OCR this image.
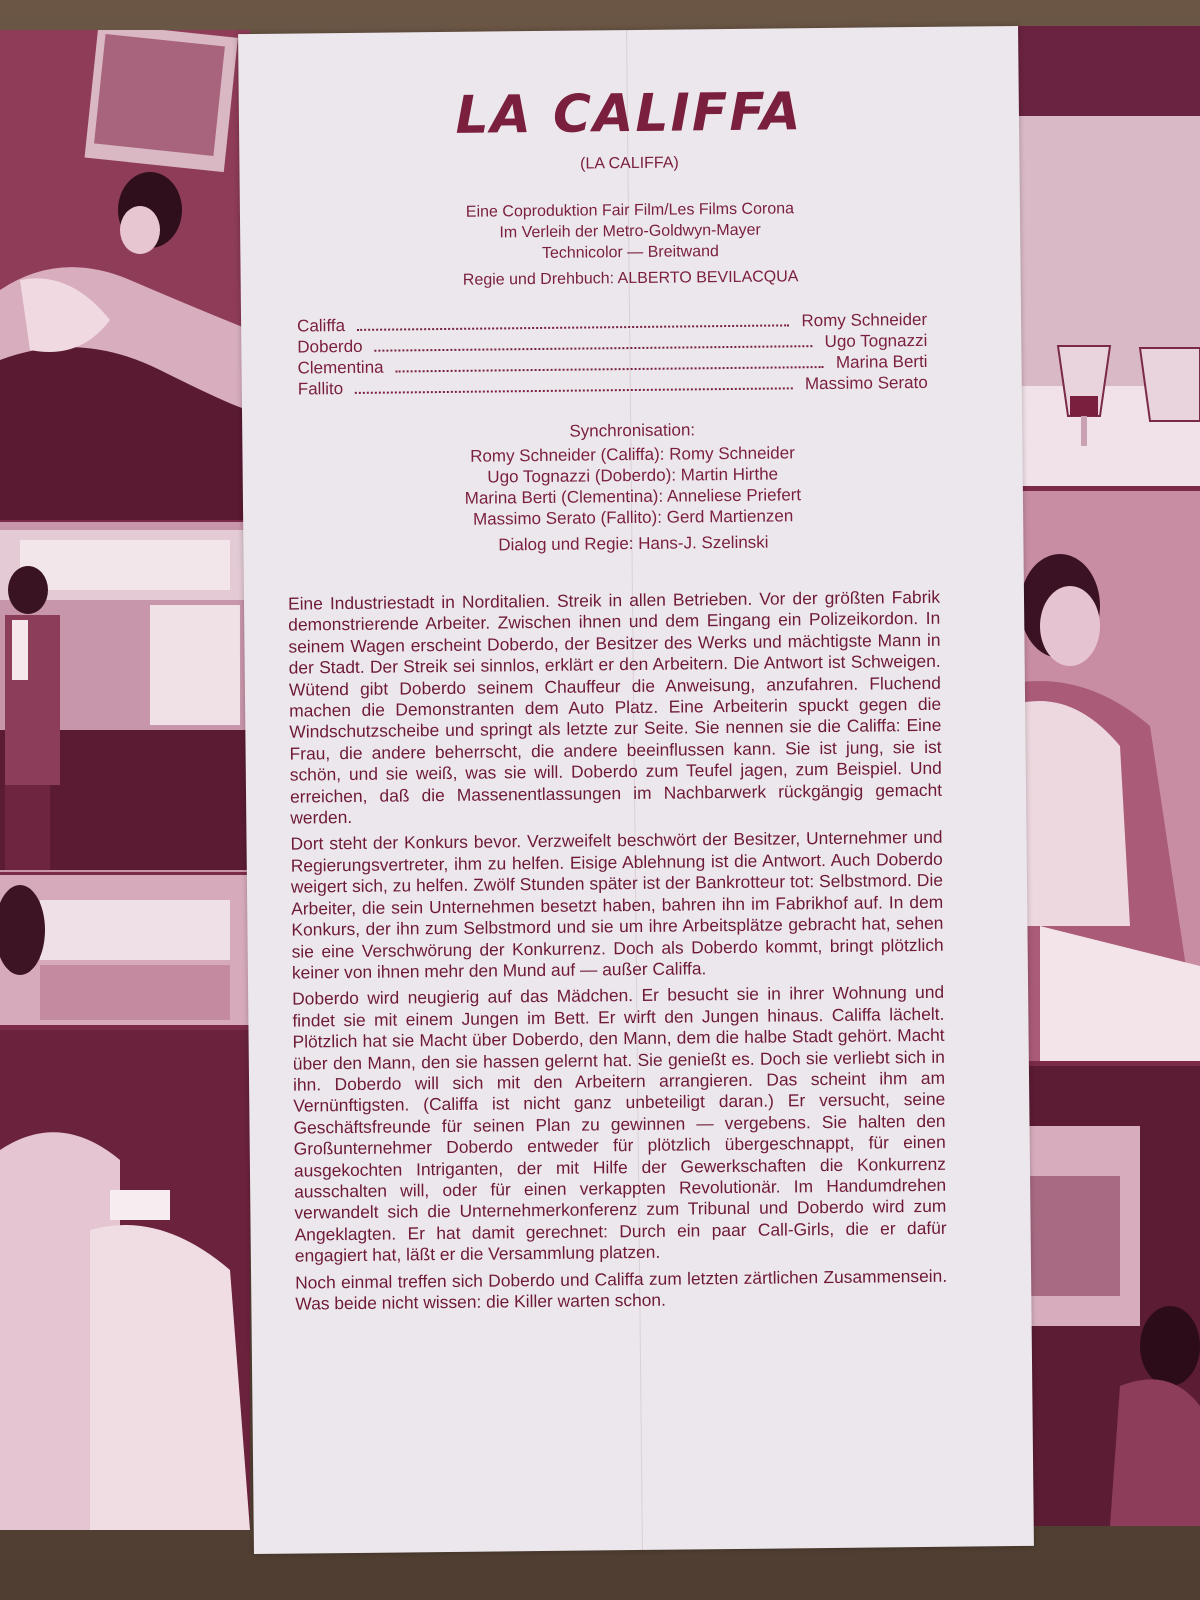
LA CALIFFA
(LA CALIFFA)
Eine Coproduktion Fair Film/Les Films Corona
Im Verleih der Metro-Goldwyn-Mayer
Technicolor — Breitwand
Regie und Drehbuch: ALBERTO BEVILACQUA
Califfa	Romy Schneider
Doberdo	Ugo Tognazzi
Clementina	Marina Berti
Fallito	Massimo Serato
Synchronisation:
Romy Schneider (Califfa): Romy Schneider
Ugo Tognazzi (Doberdo): Martin Hirthe
Marina Berti (Clementina): Anneliese Priefert
Massimo Serato (Fallito): Gerd Martienzen
Dialog und Regie: Hans-J. Szelinski

Eine Industriestadt in Norditalien. Streik in allen Betrieben. Vor der größten Fabrik demonstrierende Arbeiter. Zwischen ihnen und dem Eingang ein Polizeikordon. In seinem Wagen erscheint Doberdo, der Besitzer des Werks und mächtigste Mann in der Stadt. Der Streik sei sinnlos, erklärt er den Arbeitern. Die Antwort ist Schweigen. Wütend gibt Doberdo seinem Chauffeur die Anweisung, anzufahren. Fluchend machen die Demonstranten dem Auto Platz. Eine Arbeiterin spuckt gegen die Windschutzscheibe und springt als letzte zur Seite. Sie nennen sie die Califfa: Eine Frau, die andere beherrscht, die andere beeinflussen kann. Sie ist jung, sie ist schön, und sie weiß, was sie will. Doberdo zum Teufel jagen, zum Beispiel. Und erreichen, daß die Massenentlassungen im Nachbarwerk rückgängig gemacht werden.

Dort steht der Konkurs bevor. Verzweifelt beschwört der Besitzer, Unternehmer und Regierungsvertreter, ihm zu helfen. Eisige Ablehnung ist die Antwort. Auch Doberdo weigert sich, zu helfen. Zwölf Stunden später ist der Bankrotteur tot: Selbstmord. Die Arbeiter, die sein Unternehmen besetzt haben, bahren ihn im Fabrikhof auf. In dem Konkurs, der ihn zum Selbstmord und sie um ihre Arbeitsplätze gebracht hat, sehen sie eine Verschwörung der Konkurrenz. Doch als Doberdo kommt, bringt plötzlich keiner von ihnen mehr den Mund auf — außer Califfa.

Doberdo wird neugierig auf das Mädchen. Er besucht sie in ihrer Wohnung und findet sie mit einem Jungen im Bett. Er wirft den Jungen hinaus. Califfa lächelt. Plötzlich hat sie Macht über Doberdo, den Mann, dem die halbe Stadt gehört. Macht über den Mann, den sie hassen gelernt hat. Sie genießt es. Doch sie verliebt sich in ihn. Doberdo will sich mit den Arbeitern arrangieren. Das scheint ihm am Vernünftigsten. (Califfa ist nicht ganz unbeteiligt daran.) Er versucht, seine Geschäftsfreunde für seinen Plan zu gewinnen — vergebens. Sie halten den Großunternehmer Doberdo entweder für plötzlich übergeschnappt, für einen ausgekochten Intriganten, der mit Hilfe der Gewerkschaften die Konkurrenz ausschalten will, oder für einen verkappten Revolutionär. Im Handumdrehen verwandelt sich die Unternehmerkonferenz zum Tribunal und Doberdo wird zum Angeklagten. Er hat damit gerechnet: Durch ein paar Call-Girls, die er dafür engagiert hat, läßt er die Versammlung platzen.

Noch einmal treffen sich Doberdo und Califfa zum letzten zärtlichen Zusammensein. Was beide nicht wissen: die Killer warten schon.
